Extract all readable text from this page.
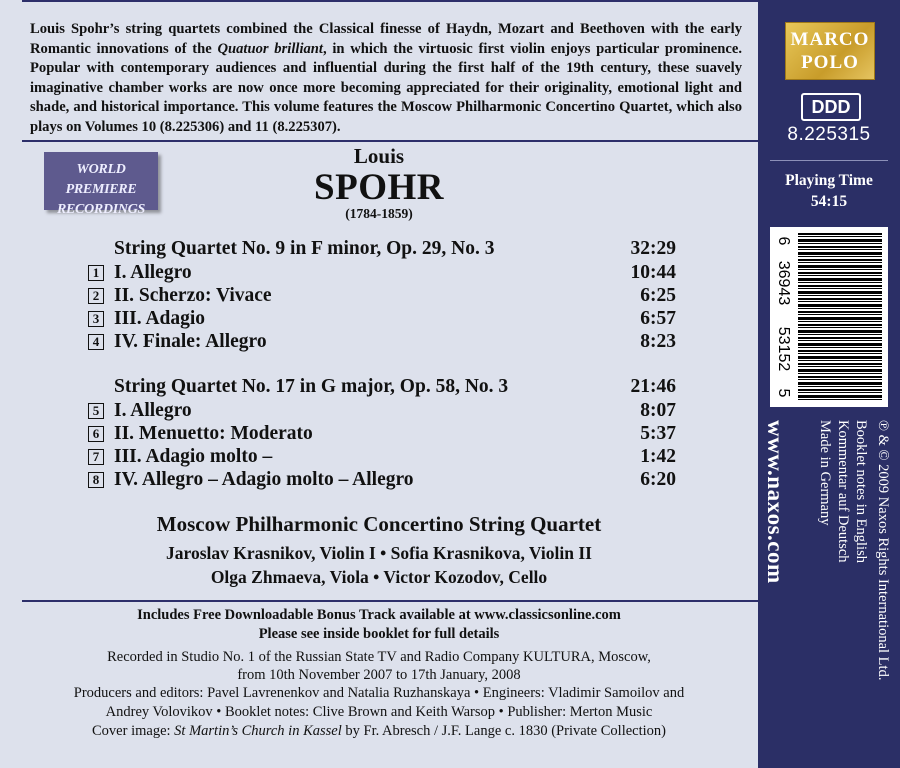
Louis Spohr’s string quartets combined the Classical finesse of Haydn, Mozart and Beethoven with the early Romantic innovations of the Quatuor brilliant, in which the virtuosic first violin enjoys particular prominence. Popular with contemporary audiences and influential during the first half of the 19th century, these suavely imaginative chamber works are now once more becoming appreciated for their originality, emotional light and shade, and historical importance. This volume features the Moscow Philharmonic Concertino Quartet, which also plays on Volumes 10 (8.225306) and 11 (8.225307).
WORLD PREMIERE
RECORDINGS
Louis
SPOHR
(1784-1859)
String Quartet No. 9 in F minor, Op. 29, No. 3	32:29
1 I. Allegro	10:44
2 II. Scherzo: Vivace	6:25
3 III. Adagio	6:57
4 IV. Finale: Allegro	8:23
String Quartet No. 17 in G major, Op. 58, No. 3	21:46
5 I. Allegro	8:07
6 II. Menuetto: Moderato	5:37
7 III. Adagio molto –	1:42
8 IV. Allegro – Adagio molto – Allegro	6:20
Moscow Philharmonic Concertino String Quartet
Jaroslav Krasnikov, Violin I • Sofia Krasnikova, Violin II
Olga Zhmaeva, Viola • Victor Kozodov, Cello
Includes Free Downloadable Bonus Track available at www.classicsonline.com
Please see inside booklet for full details
Recorded in Studio No. 1 of the Russian State TV and Radio Company KULTURA, Moscow,
from 10th November 2007 to 17th January, 2008
Producers and editors: Pavel Lavrenenkov and Natalia Ruzhanskaya • Engineers: Vladimir Samoilov and
Andrey Volovikov • Booklet notes: Clive Brown and Keith Warsop • Publisher: Merton Music
Cover image: St Martin’s Church in Kassel by Fr. Abresch / J.F. Lange c. 1830 (Private Collection)
MARCO
POLO
DDD
8.225315
Playing Time
54:15
6
36943
53152
5
www.naxos.com	℗ & © 2009 Naxos Rights International Ltd.
Booklet notes in English
Kommentar auf Deutsch
Made in Germany
